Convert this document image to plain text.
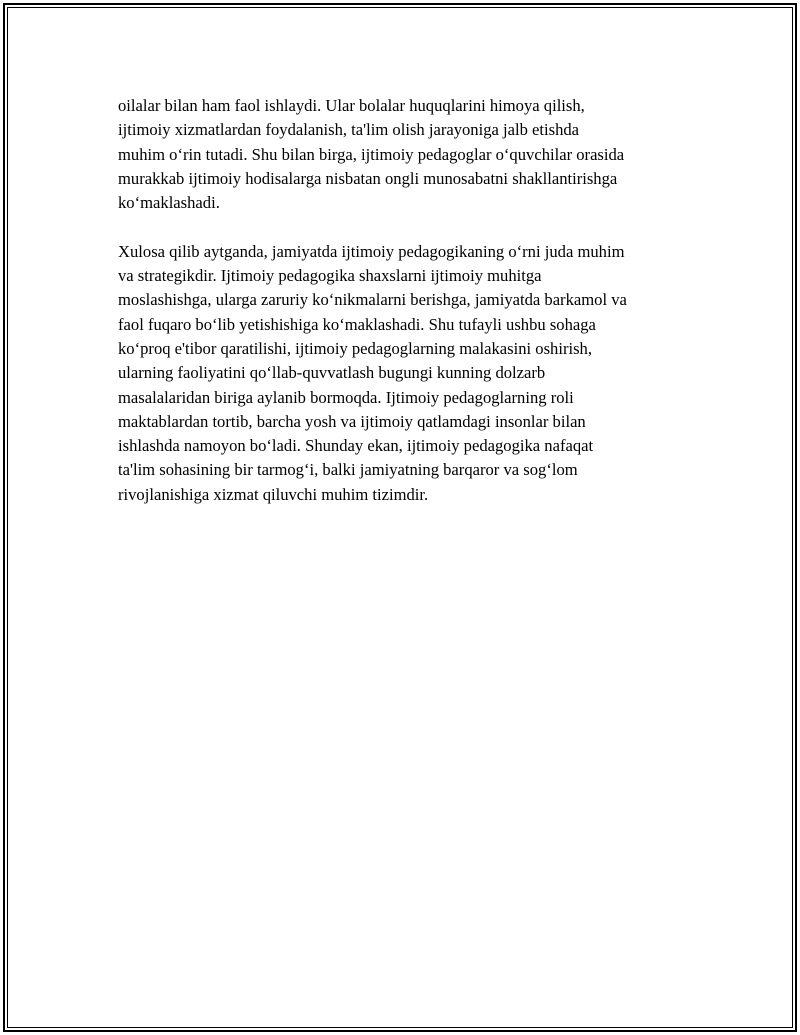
oilalar bilan ham faol ishlaydi. Ular bolalar huquqlarini himoya qilish,
ijtimoiy xizmatlardan foydalanish, ta'lim olish jarayoniga jalb etishda
muhim o‘rin tutadi. Shu bilan birga, ijtimoiy pedagoglar o‘quvchilar orasida
murakkab ijtimoiy hodisalarga nisbatan ongli munosabatni shakllantirishga
ko‘maklashadi.

Xulosa qilib aytganda, jamiyatda ijtimoiy pedagogikaning o‘rni juda muhim
va strategikdir. Ijtimoiy pedagogika shaxslarni ijtimoiy muhitga
moslashishga, ularga zaruriy ko‘nikmalarni berishga, jamiyatda barkamol va
faol fuqaro bo‘lib yetishishiga ko‘maklashadi. Shu tufayli ushbu sohaga
ko‘proq e'tibor qaratilishi, ijtimoiy pedagoglarning malakasini oshirish,
ularning faoliyatini qo‘llab-quvvatlash bugungi kunning dolzarb
masalalaridan biriga aylanib bormoqda. Ijtimoiy pedagoglarning roli
maktablardan tortib, barcha yosh va ijtimoiy qatlamdagi insonlar bilan
ishlashda namoyon bo‘ladi. Shunday ekan, ijtimoiy pedagogika nafaqat
ta'lim sohasining bir tarmog‘i, balki jamiyatning barqaror va sog‘lom
rivojlanishiga xizmat qiluvchi muhim tizimdir.
